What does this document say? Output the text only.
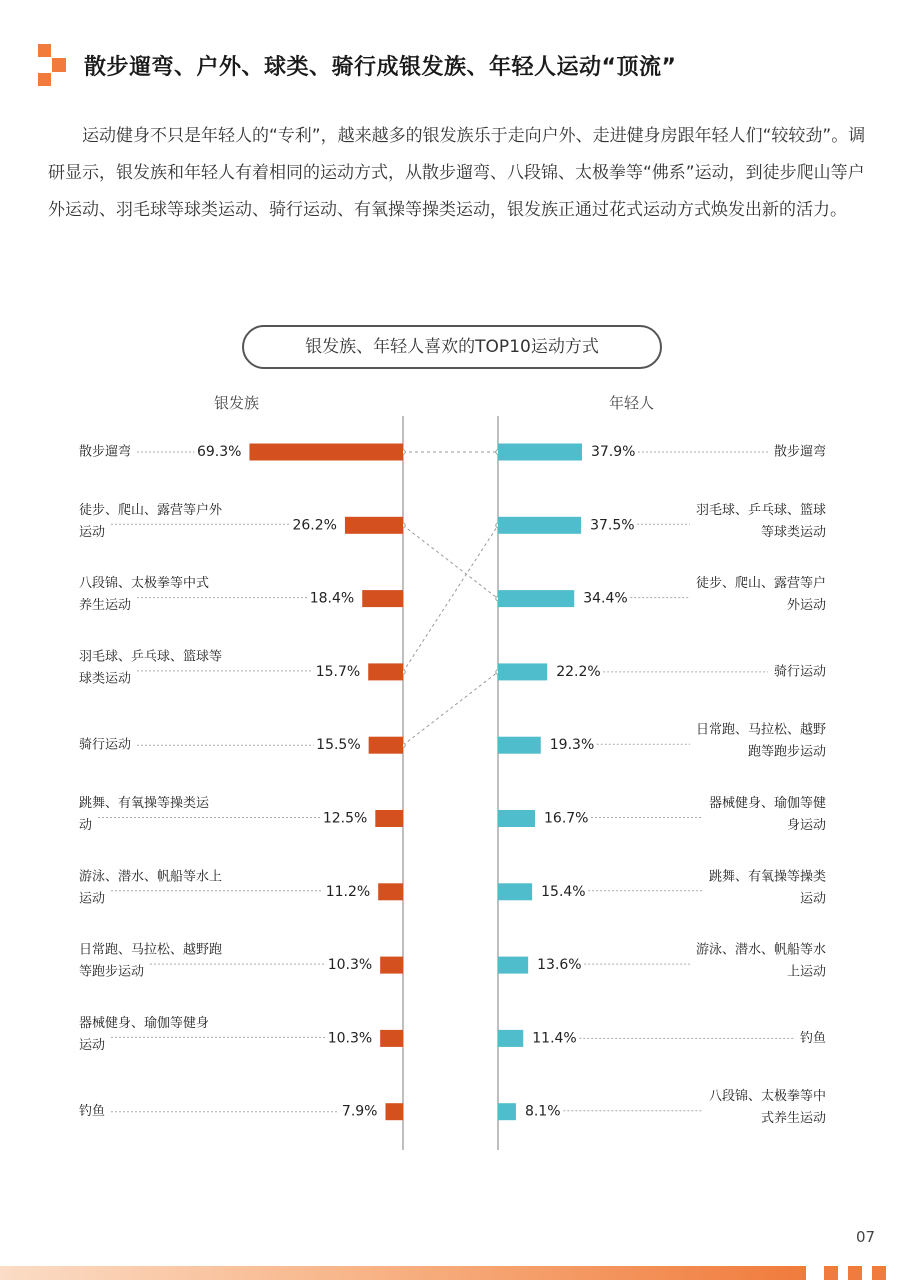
散步遛弯、户外、球类、骑行成银发族、年轻人运动“顶流”

运动健身不只是年轻人的“专利”，越来越多的银发族乐于走向户外、走进健身房跟年轻人们“较较劲”。调研显示，银发族和年轻人有着相同的运动方式，从散步遛弯、八段锦、太极拳等“佛系”运动，到徒步爬山等户外运动、羽毛球等球类运动、骑行运动、有氧操等操类运动，银发族正通过花式运动方式焕发出新的活力。

银发族、年轻人喜欢的TOP10运动方式
银发族	年轻人
69.3%
散步遛弯
26.2%
徒步、爬山、露营等户外
运动
18.4%
八段锦、太极拳等中式
养生运动
15.7%
羽毛球、乒乓球、篮球等
球类运动
15.5%
骑行运动
12.5%
跳舞、有氧操等操类运
动
11.2%
游泳、潜水、帆船等水上
运动
10.3%
日常跑、马拉松、越野跑
等跑步运动
10.3%
器械健身、瑜伽等健身
运动
7.9%
钓鱼
37.9%	散步遛弯
37.5%
羽毛球、乒乓球、篮球
等球类运动
34.4%
徒步、爬山、露营等户
外运动
22.2%	骑行运动
19.3%
日常跑、马拉松、越野
跑等跑步运动
16.7%
器械健身、瑜伽等健
身运动
15.4%
跳舞、有氧操等操类
运动
13.6%
游泳、潜水、帆船等水
上运动
11.4%	钓鱼
8.1%
八段锦、太极拳等中
式养生运动
07
